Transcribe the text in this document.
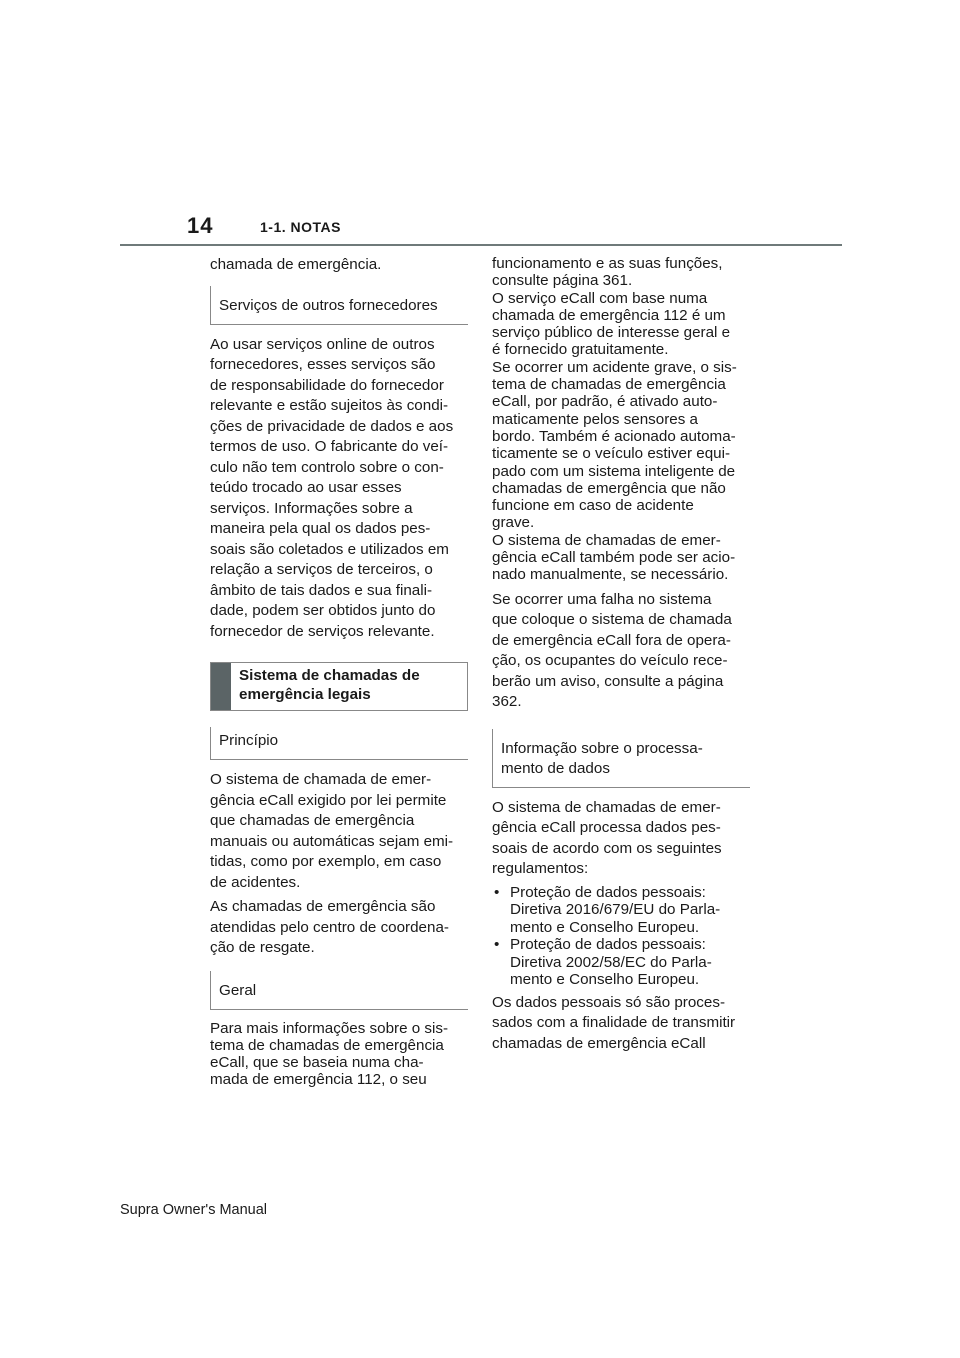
14	1-1. NOTAS

chamada de emergência.

Serviços de outros fornecedores

Ao usar serviços online de outros
fornecedores, esses serviços são
de responsabilidade do fornecedor
relevante e estão sujeitos às condi-
ções de privacidade de dados e aos
termos de uso. O fabricante do veí-
culo não tem controlo sobre o con-
teúdo trocado ao usar esses
serviços. Informações sobre a
maneira pela qual os dados pes-
soais são coletados e utilizados em
relação a serviços de terceiros, o
âmbito de tais dados e sua finali-
dade, podem ser obtidos junto do
fornecedor de serviços relevante.

Sistema de chamadas de
emergência legais
Princípio

O sistema de chamada de emer-
gência eCall exigido por lei permite
que chamadas de emergência
manuais ou automáticas sejam emi-
tidas, como por exemplo, em caso
de acidentes.

As chamadas de emergência são
atendidas pelo centro de coordena-
ção de resgate.

Geral

Para mais informações sobre o sis-
tema de chamadas de emergência
eCall, que se baseia numa cha-
mada de emergência 112, o seu

funcionamento e as suas funções,
consulte página 361.
O serviço eCall com base numa
chamada de emergência 112 é um
serviço público de interesse geral e
é fornecido gratuitamente.
Se ocorrer um acidente grave, o sis-
tema de chamadas de emergência
eCall, por padrão, é ativado auto-
maticamente pelos sensores a
bordo. Também é acionado automa-
ticamente se o veículo estiver equi-
pado com um sistema inteligente de
chamadas de emergência que não
funcione em caso de acidente
grave.
O sistema de chamadas de emer-
gência eCall também pode ser acio-
nado manualmente, se necessário.

Se ocorrer uma falha no sistema
que coloque o sistema de chamada
de emergência eCall fora de opera-
ção, os ocupantes do veículo rece-
berão um aviso, consulte a página
362.

Informação sobre o processa-
mento de dados

O sistema de chamadas de emer-
gência eCall processa dados pes-
soais de acordo com os seguintes
regulamentos:

• Proteção de dados pessoais:
Diretiva 2016/679/EU do Parla-
mento e Conselho Europeu.
• Proteção de dados pessoais:
Diretiva 2002/58/EC do Parla-
mento e Conselho Europeu.

Os dados pessoais só são proces-
sados com a finalidade de transmitir
chamadas de emergência eCall

Supra Owner's Manual
